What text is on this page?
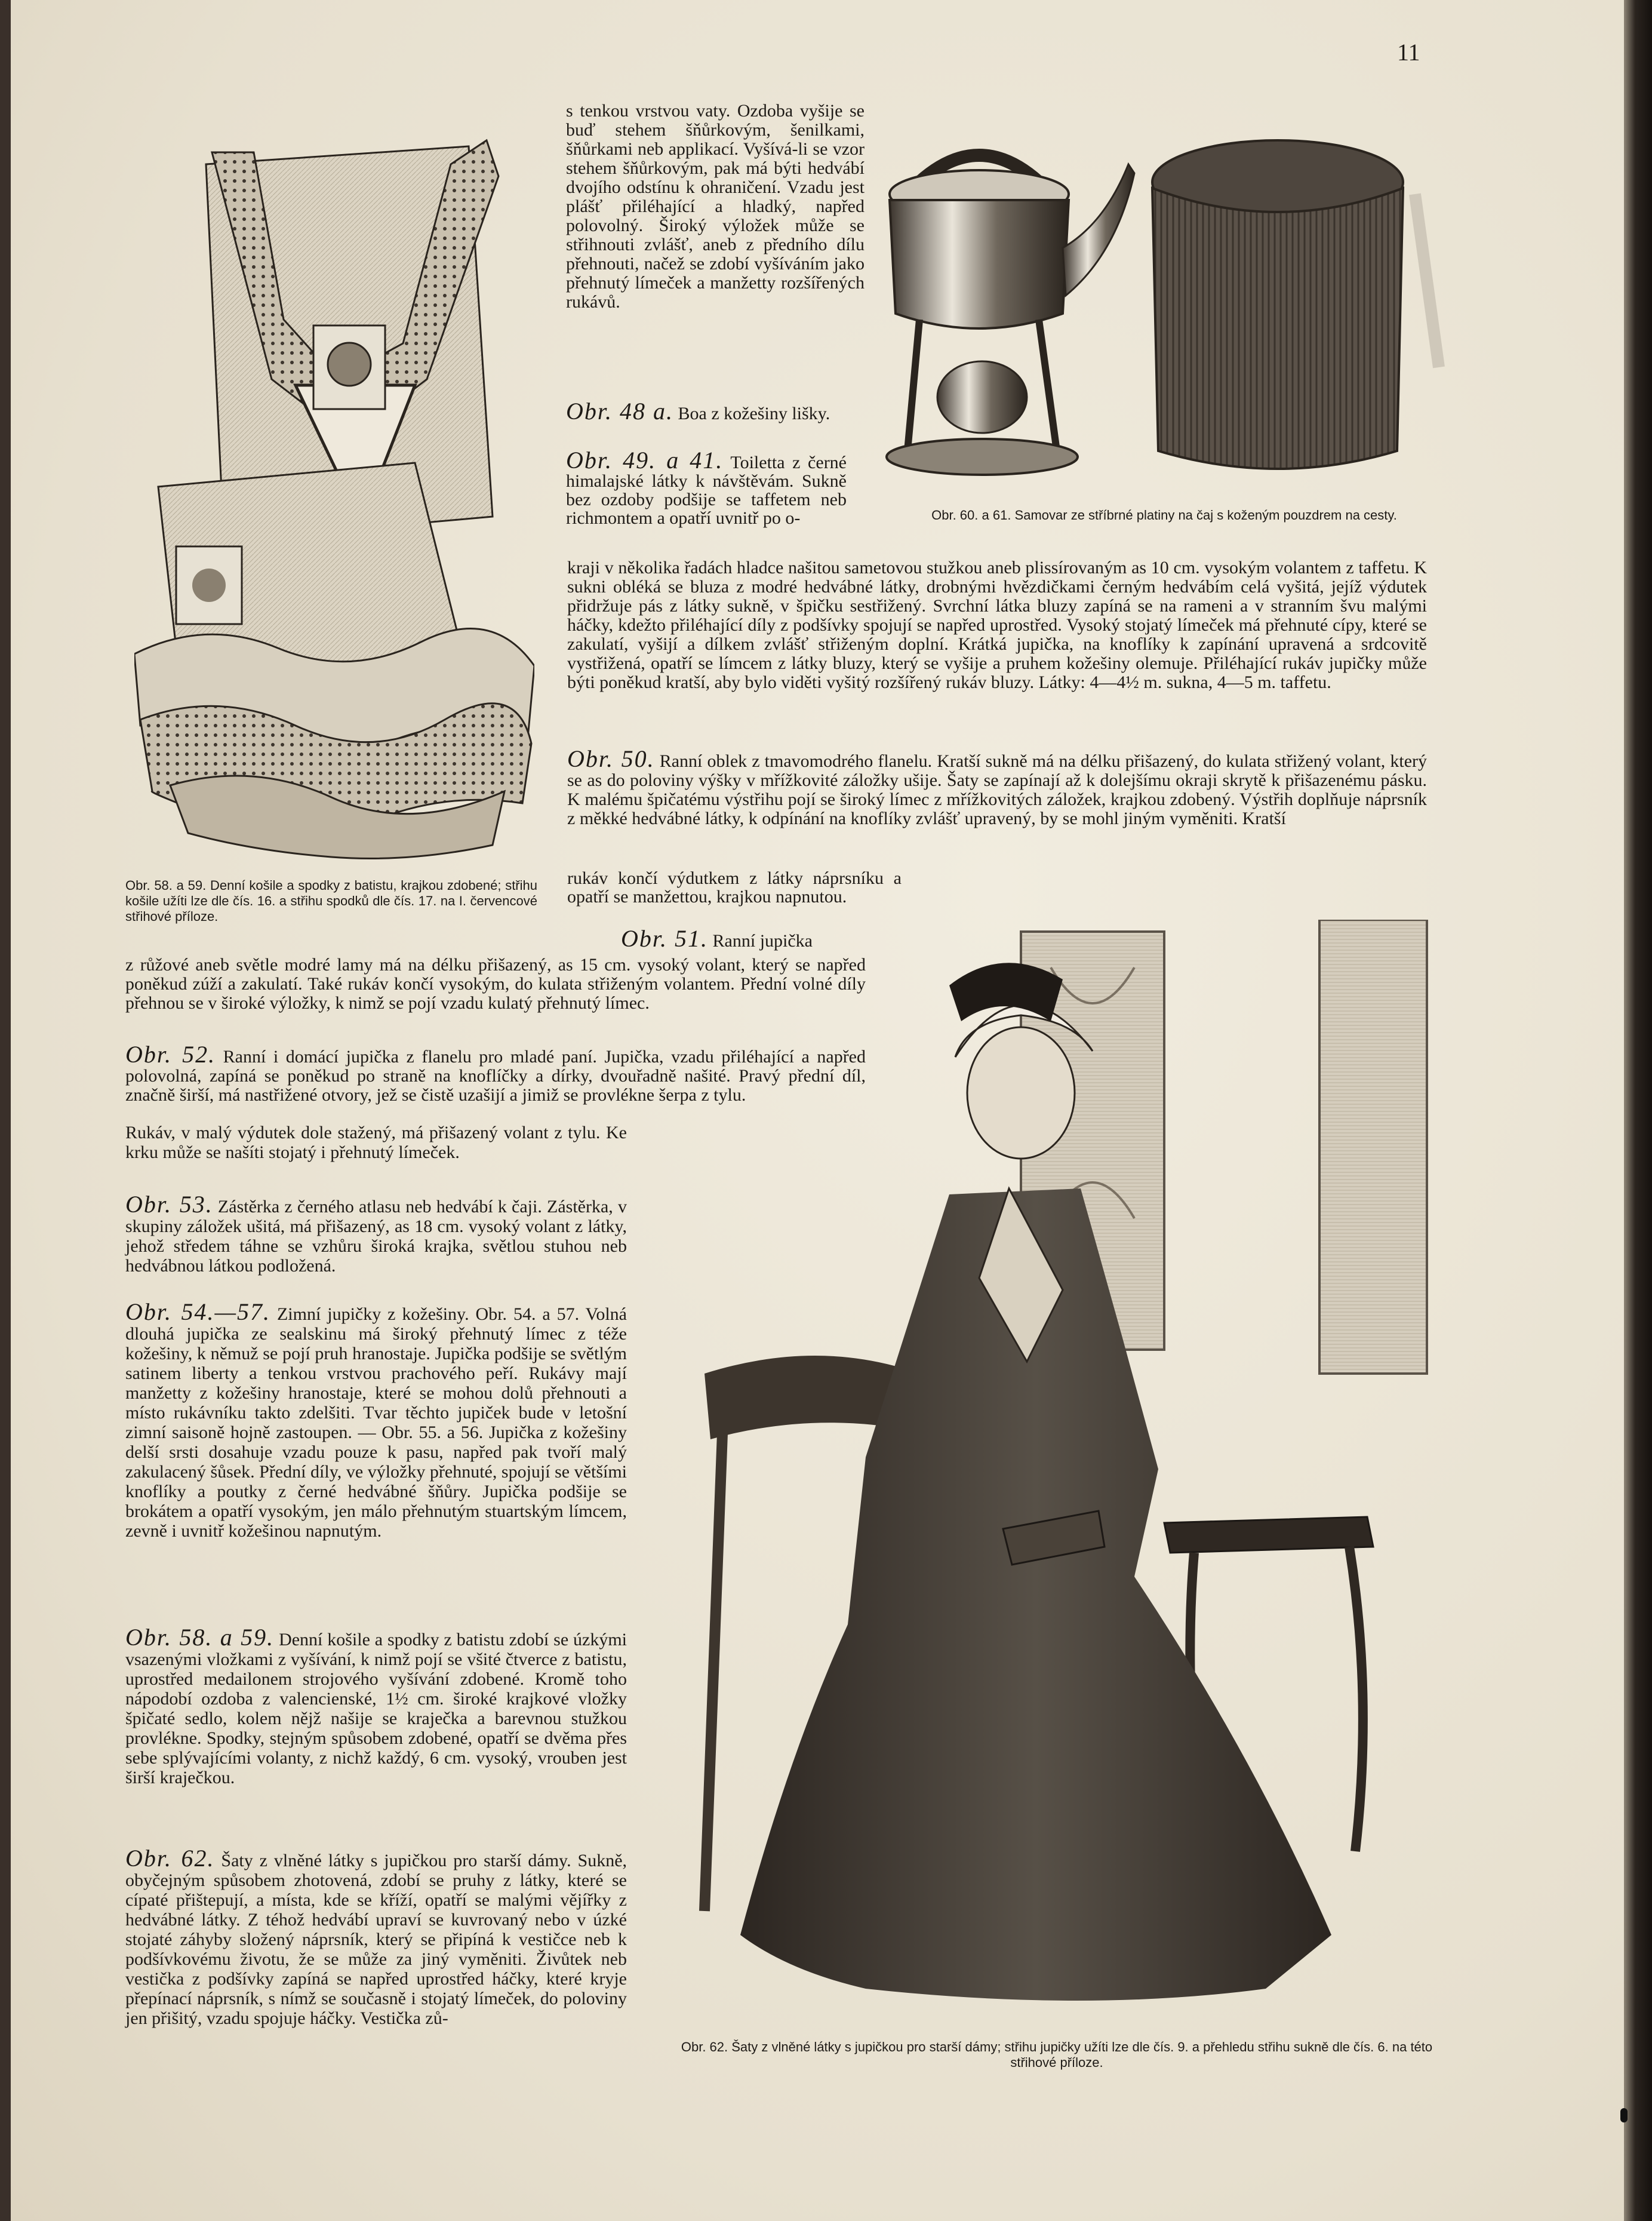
11

Obr. 58. a 59. Denní košile a spodky z batistu, krajkou zdobené; střihu košile užíti lze dle čís. 16. a střihu spodků dle čís. 17. na I. červencové střihové příloze.

Obr. 60. a 61. Samovar ze stříbrné platiny na čaj s koženým pouzdrem na cesty.

s tenkou vrstvou vaty. Ozdoba vyšije se buď stehem šňůrkovým, šenilkami, šňůrkami neb applikací. Vyšívá-li se vzor stehem šňůrkovým, pak má býti hedvábí dvojího odstínu k ohraničení. Vzadu jest plášť přiléhající a hladký, napřed polovolný. Široký výložek může se střihnouti zvlášť, aneb z předního dílu přehnouti, načež se zdobí vyšíváním jako přehnutý límeček a manžetty rozšířených rukávů.

Obr. 48 a. Boa z kožešiny lišky.

Obr. 49. a 41. Toiletta z černé himalajské látky k návštěvám. Sukně bez ozdoby podšije se taffetem neb richmontem a opatří uvnitř po o-

kraji v několika řadách hladce našitou sametovou stužkou aneb plissírovaným as 10 cm. vysokým volantem z taffetu. K sukni obléká se bluza z modré hedvábné látky, drobnými hvězdičkami černým hedvábím celá vyšitá, jejíž výdutek přidržuje pás z látky sukně, v špičku sestřižený. Svrchní látka bluzy zapíná se na rameni a v stranním švu malými háčky, kdežto přiléhající díly z podšívky spojují se napřed uprostřed. Vysoký stojatý límeček má přehnuté cípy, které se zakulatí, vyšijí a dílkem zvlášť střiženým doplní. Krátká jupička, na knoflíky k zapínání upravená a srdcovitě vystřižená, opatří se límcem z látky bluzy, který se vyšije a pruhem kožešiny olemuje. Přiléhající rukáv jupičky může býti poněkud kratší, aby bylo viděti vyšitý rozšířený rukáv bluzy. Látky: 4—4½ m. sukna, 4—5 m. taffetu.

Obr. 50. Ranní oblek z tmavomodrého flanelu. Kratší sukně má na délku přišazený, do kulata střižený volant, který se as do poloviny výšky v mřížkovité záložky ušije. Šaty se zapínají až k dolejšímu okraji skrytě k přišazenému pásku. K malému špičatému výstřihu pojí se široký límec z mřížkovitých záložek, krajkou zdobený. Výstřih doplňuje náprsník z měkké hedvábné látky, k odpínání na knoflíky zvlášť upravený, by se mohl jiným vyměniti. Kratší

rukáv končí výdutkem z látky náprsníku a opatří se manžettou, krajkou napnutou.

Obr. 51. Ranní jupička

z růžové aneb světle modré lamy má na délku přišazený, as 15 cm. vysoký volant, který se napřed poněkud zúží a zakulatí. Také rukáv končí vysokým, do kulata střiženým volantem. Přední volné díly přehnou se v široké výložky, k nimž se pojí vzadu kulatý přehnutý límec.

Obr. 52. Ranní i domácí jupička z flanelu pro mladé paní. Jupička, vzadu přiléhající a napřed polovolná, zapíná se poněkud po straně na knoflíčky a dírky, dvouřadně našité. Pravý přední díl, značně širší, má nastřižené otvory, jež se čistě uzašijí a jimiž se provlékne šerpa z tylu.

Rukáv, v malý výdutek dole stažený, má přišazený volant z tylu. Ke krku může se našíti stojatý i přehnutý límeček.

Obr. 53. Zástěrka z černého atlasu neb hedvábí k čaji. Zástěrka, v skupiny záložek ušitá, má přišazený, as 18 cm. vysoký volant z látky, jehož středem táhne se vzhůru široká krajka, světlou stuhou neb hedvábnou látkou podložená.

Obr. 54.—57. Zimní jupičky z kožešiny. Obr. 54. a 57. Volná dlouhá jupička ze sealskinu má široký přehnutý límec z téže kožešiny, k němuž se pojí pruh hranostaje. Jupička podšije se světlým satinem liberty a tenkou vrstvou prachového peří. Rukávy mají manžetty z kožešiny hranostaje, které se mohou dolů přehnouti a místo rukávníku takto zdelšiti. Tvar těchto jupiček bude v letošní zimní saisoně hojně zastoupen. — Obr. 55. a 56. Jupička z kožešiny delší srsti dosahuje vzadu pouze k pasu, napřed pak tvoří malý zakulacený šůsek. Přední díly, ve výložky přehnuté, spojují se většími knoflíky a poutky z černé hedvábné šňůry. Jupička podšije se brokátem a opatří vysokým, jen málo přehnutým stuartským límcem, zevně i uvnitř kožešinou napnutým.

Obr. 58. a 59. Denní košile a spodky z batistu zdobí se úzkými vsazenými vložkami z vyšívání, k nimž pojí se všité čtverce z batistu, uprostřed medailonem strojového vyšívání zdobené. Kromě toho nápodobí ozdoba z valencienské, 1½ cm. široké krajkové vložky špičaté sedlo, kolem nějž našije se kraječka a barevnou stužkou provlékne. Spodky, stejným spůsobem zdobené, opatří se dvěma přes sebe splývajícími volanty, z nichž každý, 6 cm. vysoký, vrouben jest širší kraječkou.

Obr. 62. Šaty z vlněné látky s jupičkou pro starší dámy. Sukně, obyčejným spůsobem zhotovená, zdobí se pruhy z látky, které se cípaté přištepují, a místa, kde se kříží, opatří se malými vějířky z hedvábné látky. Z téhož hedvábí upraví se kuvrovaný nebo v úzké stojaté záhyby složený náprsník, který se připíná k vestičce neb k podšívkovému životu, že se může za jiný vyměniti. Živůtek neb vestička z podšívky zapíná se napřed uprostřed háčky, které kryje přepínací náprsník, s nímž se současně i stojatý límeček, do poloviny jen přišitý, vzadu spojuje háčky. Vestička zů-

Obr. 62. Šaty z vlněné látky s jupičkou pro starší dámy; střihu jupičky užíti lze dle čís. 9. a přehledu střihu sukně dle čís. 6. na této střihové příloze.
